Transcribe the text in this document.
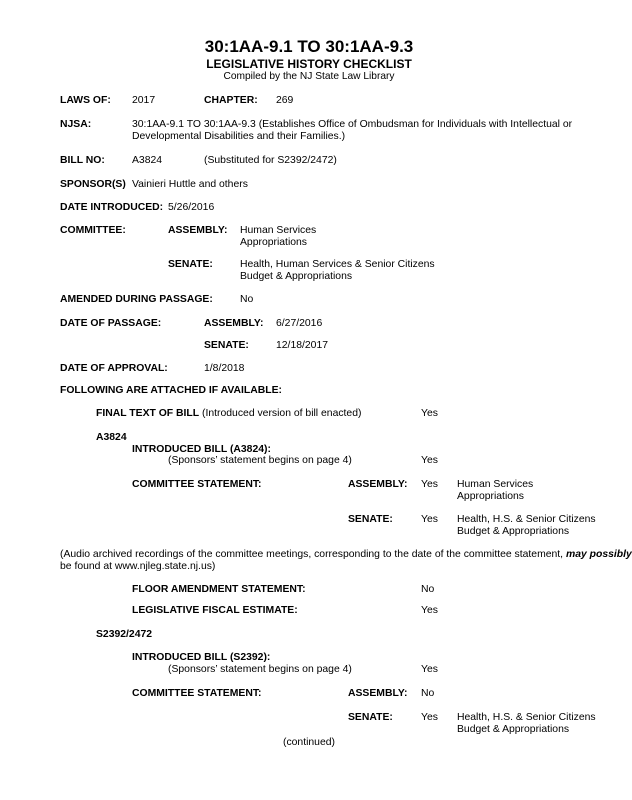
30:1AA-9.1 TO 30:1AA-9.3
LEGISLATIVE HISTORY CHECKLIST
Compiled by the NJ State Law Library
LAWS OF: 2017	CHAPTER: 269
NJSA:	30:1AA-9.1 TO 30:1AA-9.3 (Establishes Office of Ombudsman for Individuals with Intellectual or
Developmental Disabilities and their Families.)
BILL NO:	A3824	(Substituted for S2392/2472)
SPONSOR(S) Vainieri Huttle and others
DATE INTRODUCED: 5/26/2016
COMMITTEE:	ASSEMBLY: Human Services
Appropriations
SENATE:	Health, Human Services & Senior Citizens
Budget & Appropriations
AMENDED DURING PASSAGE:	No
DATE OF PASSAGE:	ASSEMBLY: 6/27/2016
SENATE:	12/18/2017
DATE OF APPROVAL:	1/8/2018
FOLLOWING ARE ATTACHED IF AVAILABLE:
FINAL TEXT OF BILL (Introduced version of bill enacted)	Yes
A3824
INTRODUCED BILL (A3824):
(Sponsors’ statement begins on page 4)	Yes
COMMITTEE STATEMENT:	ASSEMBLY: Yes Human Services
Appropriations
SENATE:	Yes Health, H.S. & Senior Citizens
Budget & Appropriations
(Audio archived recordings of the committee meetings, corresponding to the date of the committee statement, may possibly
be found at www.njleg.state.nj.us)
FLOOR AMENDMENT STATEMENT:	No
LEGISLATIVE FISCAL ESTIMATE:	Yes
S2392/2472
INTRODUCED BILL (S2392):
(Sponsors’ statement begins on page 4)	Yes
COMMITTEE STATEMENT:	ASSEMBLY: No
SENATE:	Yes Health, H.S. & Senior Citizens
Budget & Appropriations
(continued)
